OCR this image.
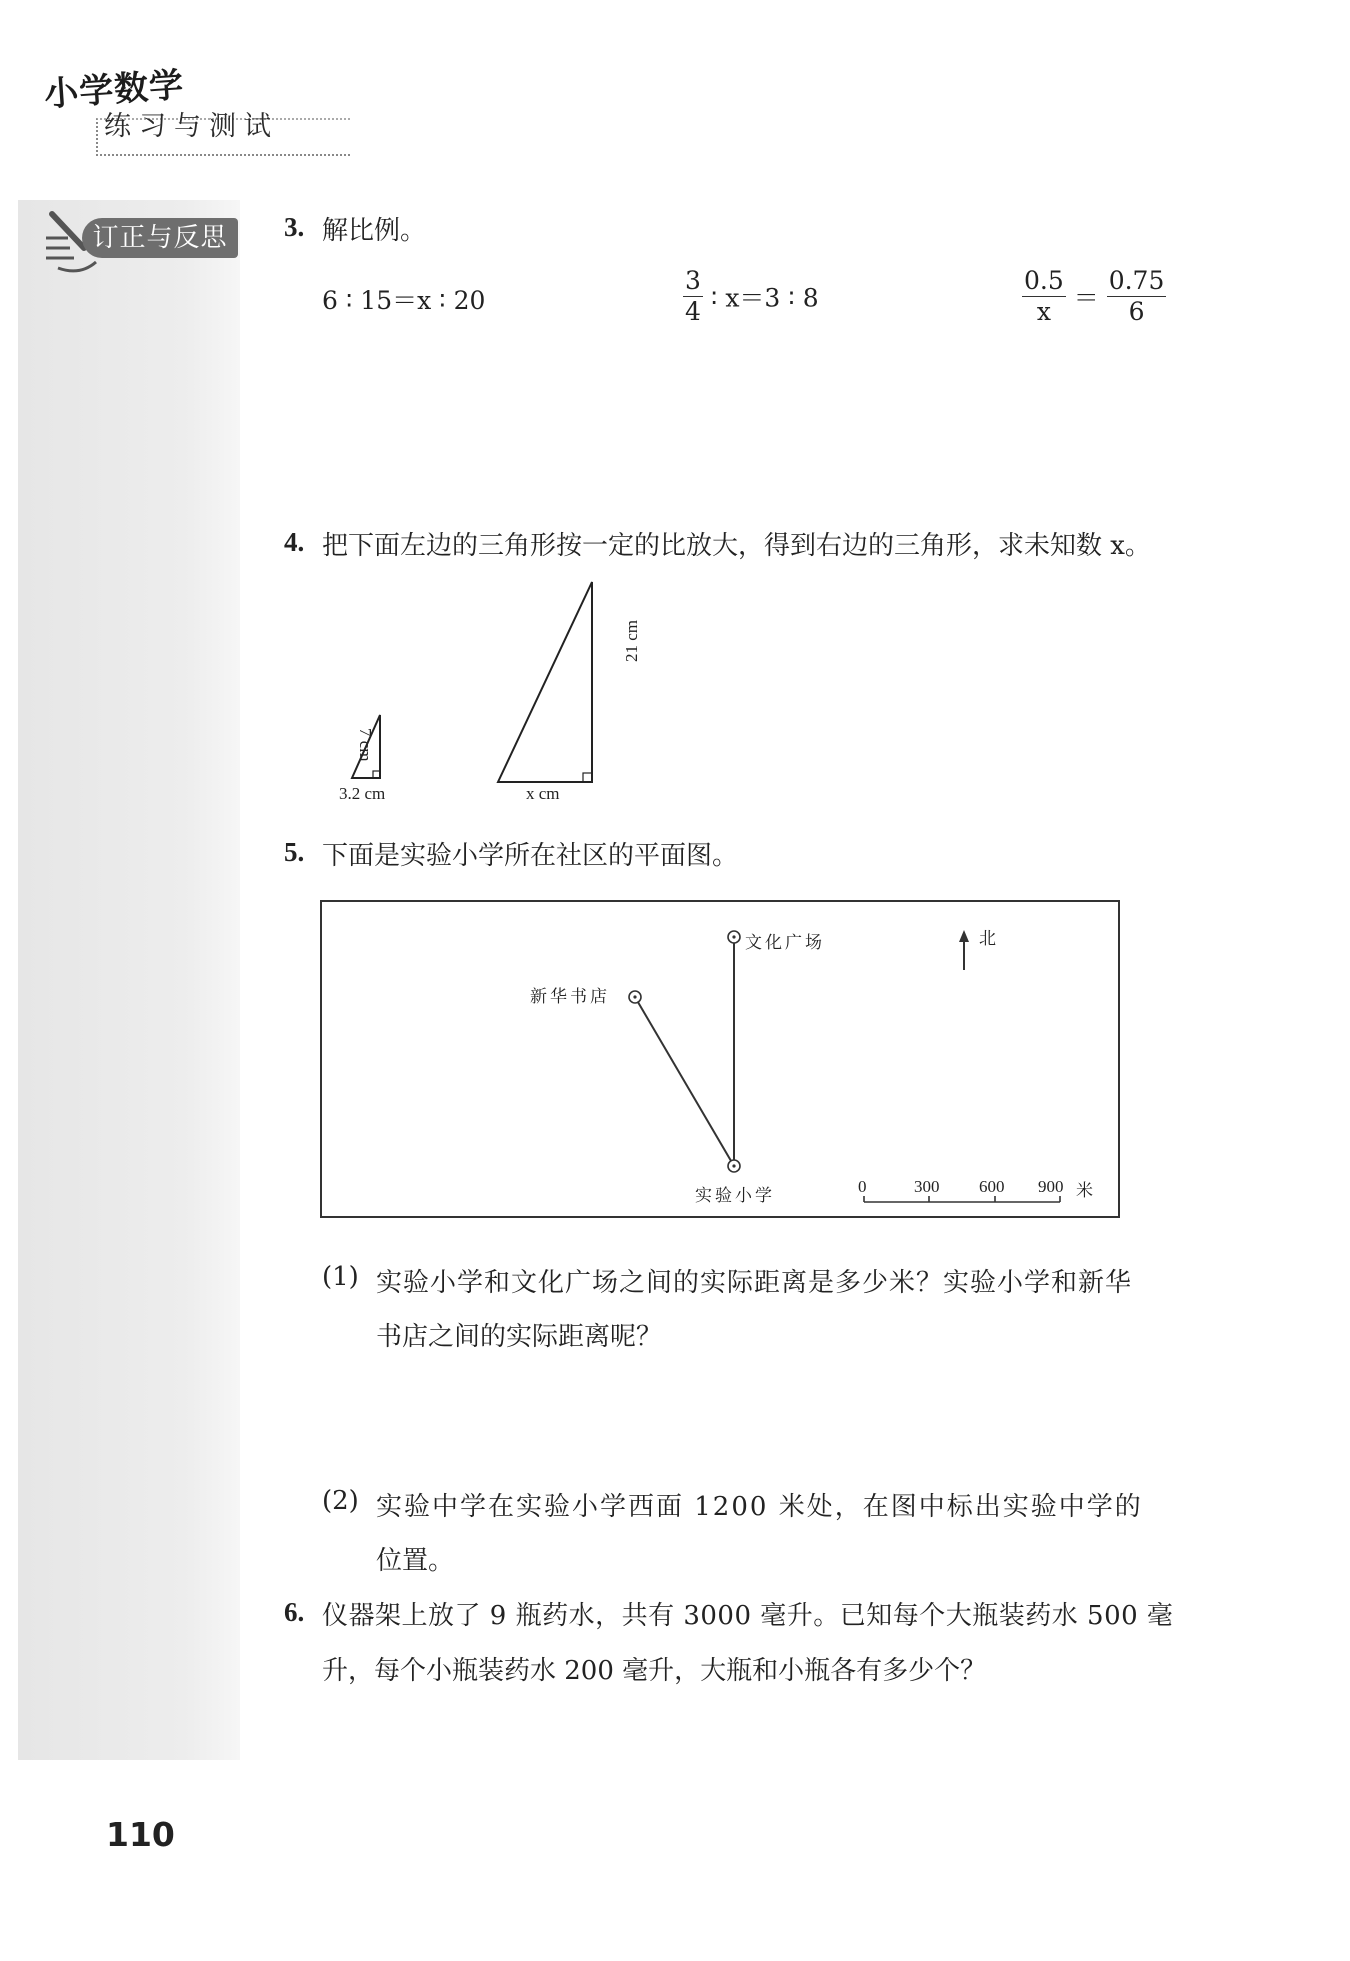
小学数学
练习与测试
订正与反思	3. 解比例。
6 ∶ 15＝x ∶ 20	$\frac{3}{4}$ ∶ x＝3 ∶ 8	$\frac{0.5}{x} = \frac{0.75}{6}$
4. 把下面左边的三角形按一定的比放大，得到右边的三角形，求未知数 x。
3.2 cm
7 cm
x cm
21 cm
5. 下面是实验小学所在社区的平面图。
文化广场
新华书店
实验小学
北
0	300 600 900 米
(1) 实验小学和文化广场之间的实际距离是多少米？实验小学和新华
书店之间的实际距离呢？
(2) 实验中学在实验小学西面 1200 米处，在图中标出实验中学的
位置。
6. 仪器架上放了 9 瓶药水，共有 3000 毫升。已知每个大瓶装药水 500 毫
升，每个小瓶装药水 200 毫升，大瓶和小瓶各有多少个？
110
